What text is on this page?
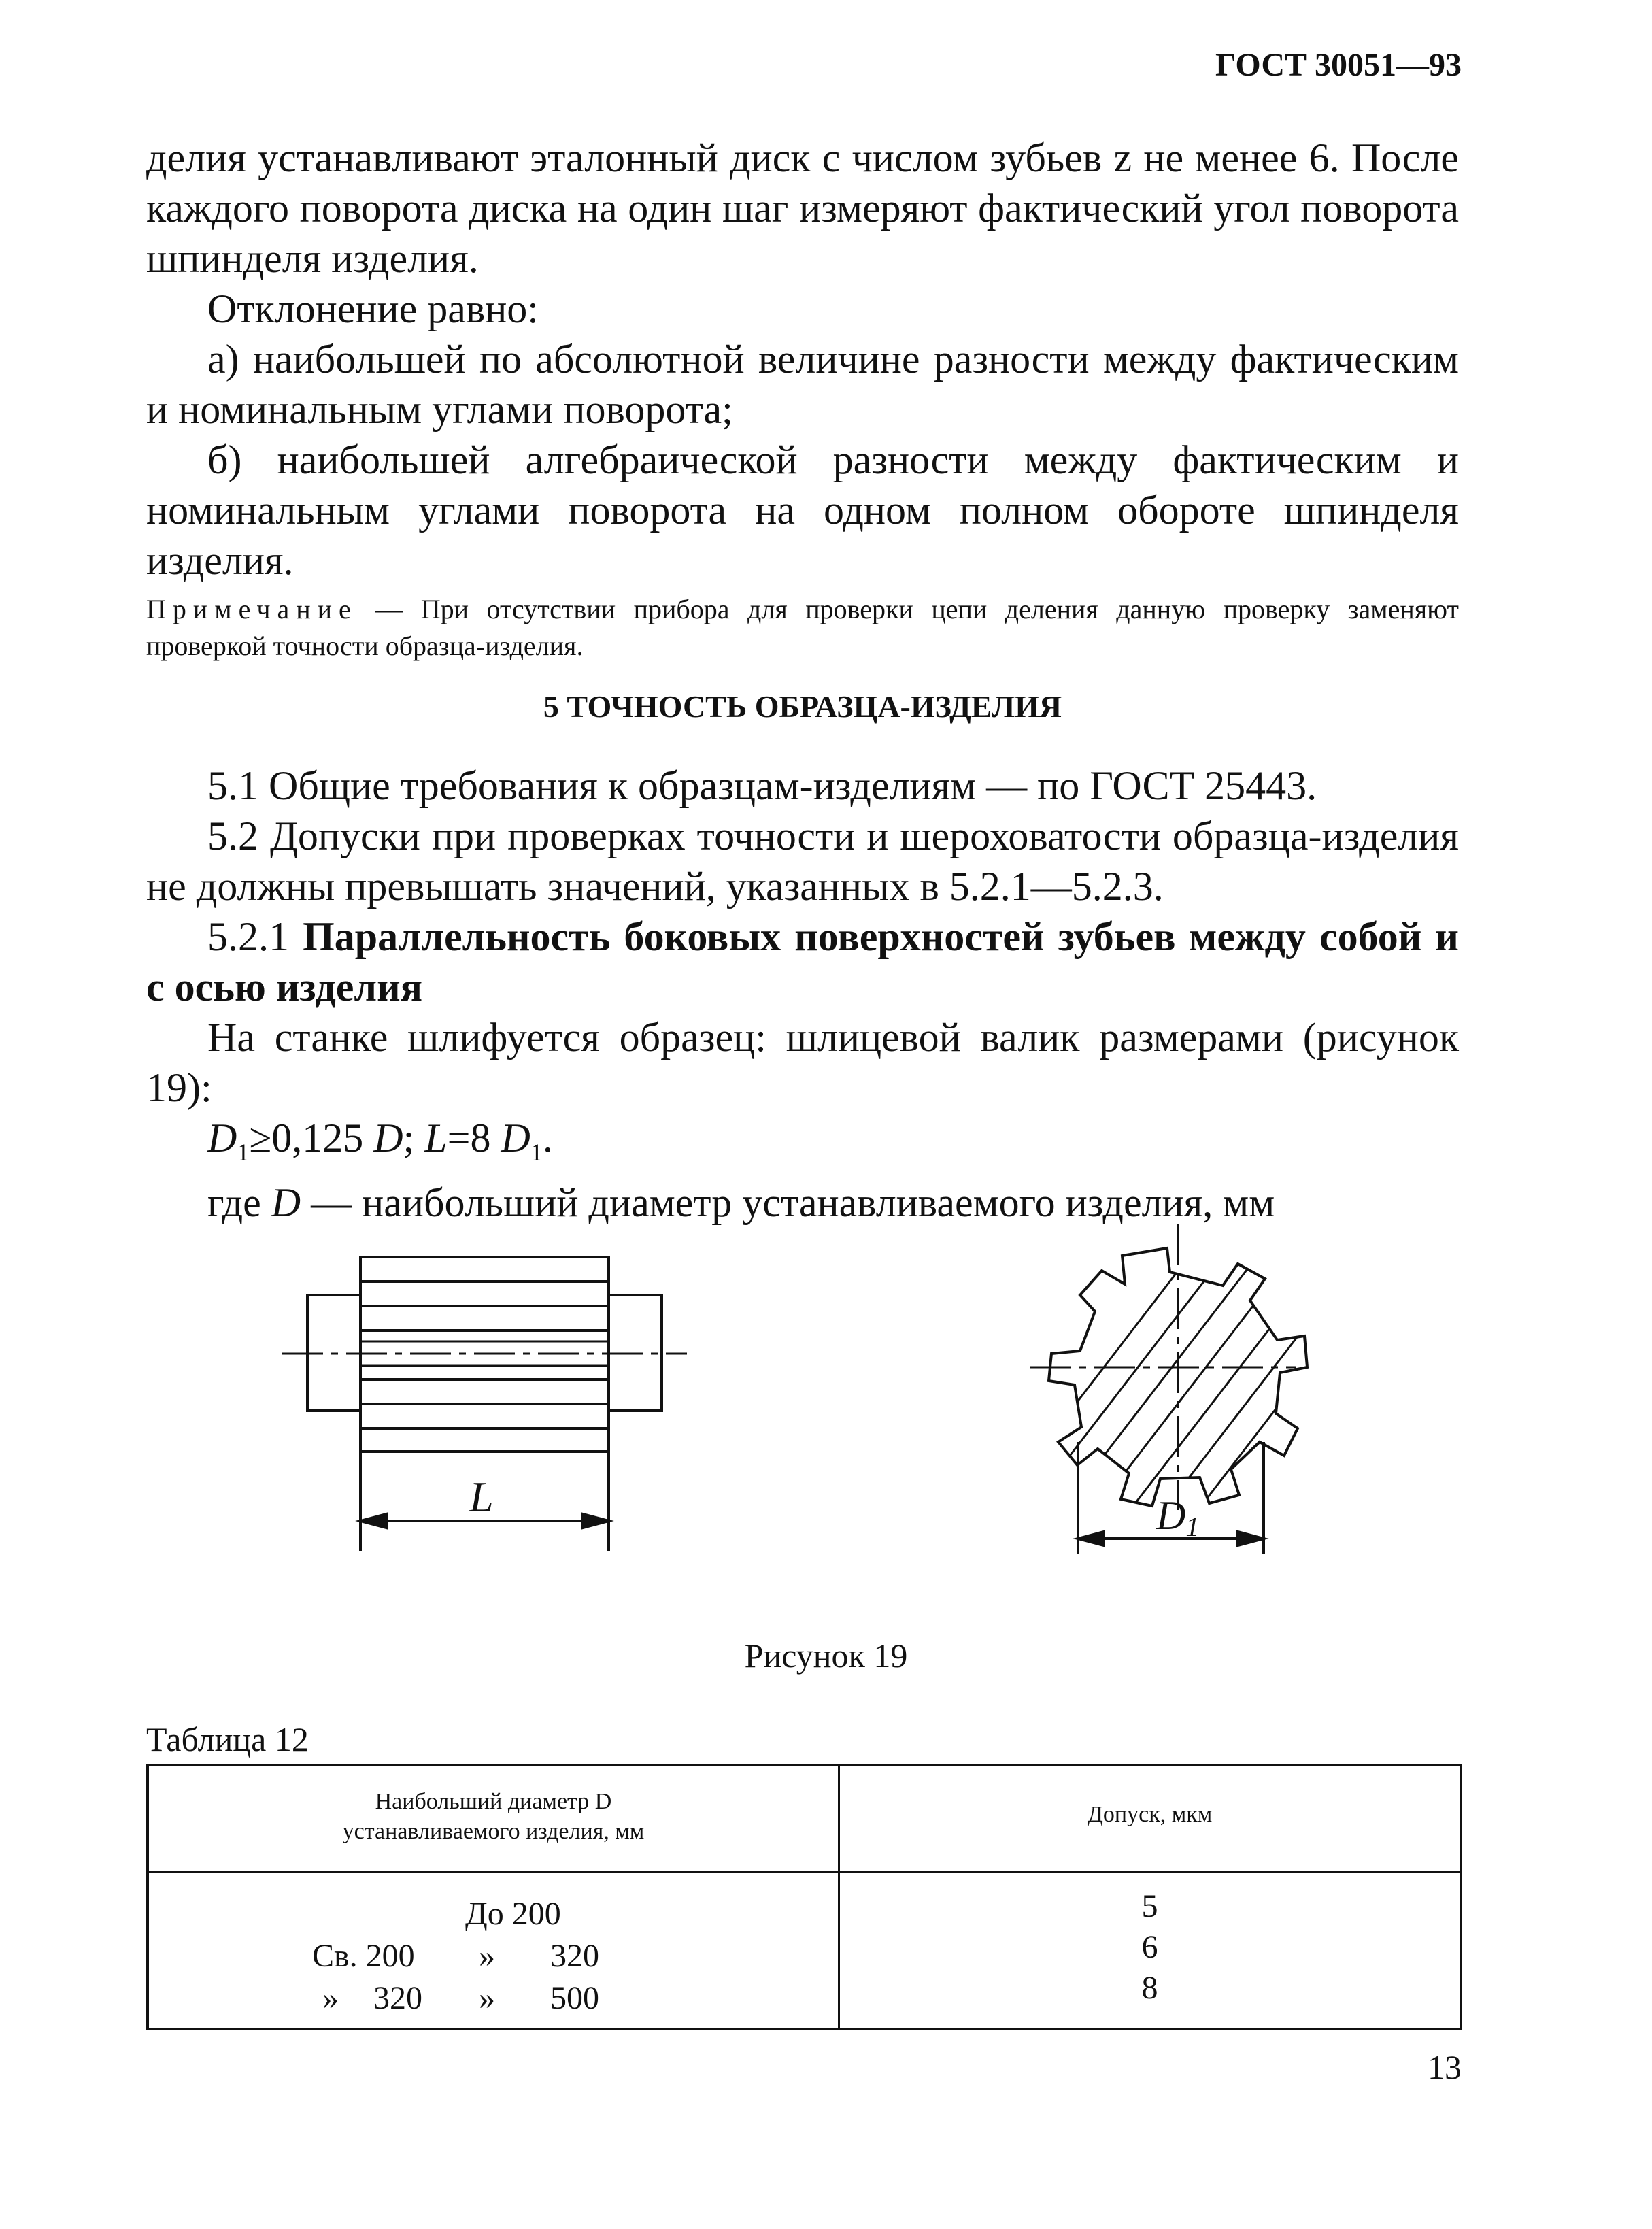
ГОСТ 30051—93

делия устанавливают эталонный диск с числом зубьев z не менее 6. После каждого поворота диска на один шаг измеряют фактический угол поворота шпинделя изделия.

Отклонение равно:

а) наибольшей по абсолютной величине разности между фактическим и номинальным углами поворота;

б) наибольшей алгебраической разности между фактическим и номинальным углами поворота на одном полном обороте шпинделя изделия.

Примечание — При отсутствии прибора для проверки цепи деления данную проверку заменяют проверкой точности образца-изделия.

5 ТОЧНОСТЬ ОБРАЗЦА-ИЗДЕЛИЯ

5.1 Общие требования к образцам-изделиям — по ГОСТ 25443.

5.2 Допуски при проверках точности и шероховатости образца-изделия не должны превышать значений, указанных в 5.2.1—5.2.3.

5.2.1 Параллельность боковых поверхностей зубьев между собой и с осью изделия

На станке шлифуется образец: шлицевой валик размерами (рисунок 19):

$D_1\ge 0,125$ D; L=8 $D_1$.

где D — наибольший диаметр устанавливаемого изделия, мм

L	D1
Рисунок 19
Таблица 12
Наибольший диаметр D
устанавливаемого изделия, мм
Допуск, мкм
До 200
Св. 200 » 320
» 320 » 500
5
6
8
13
